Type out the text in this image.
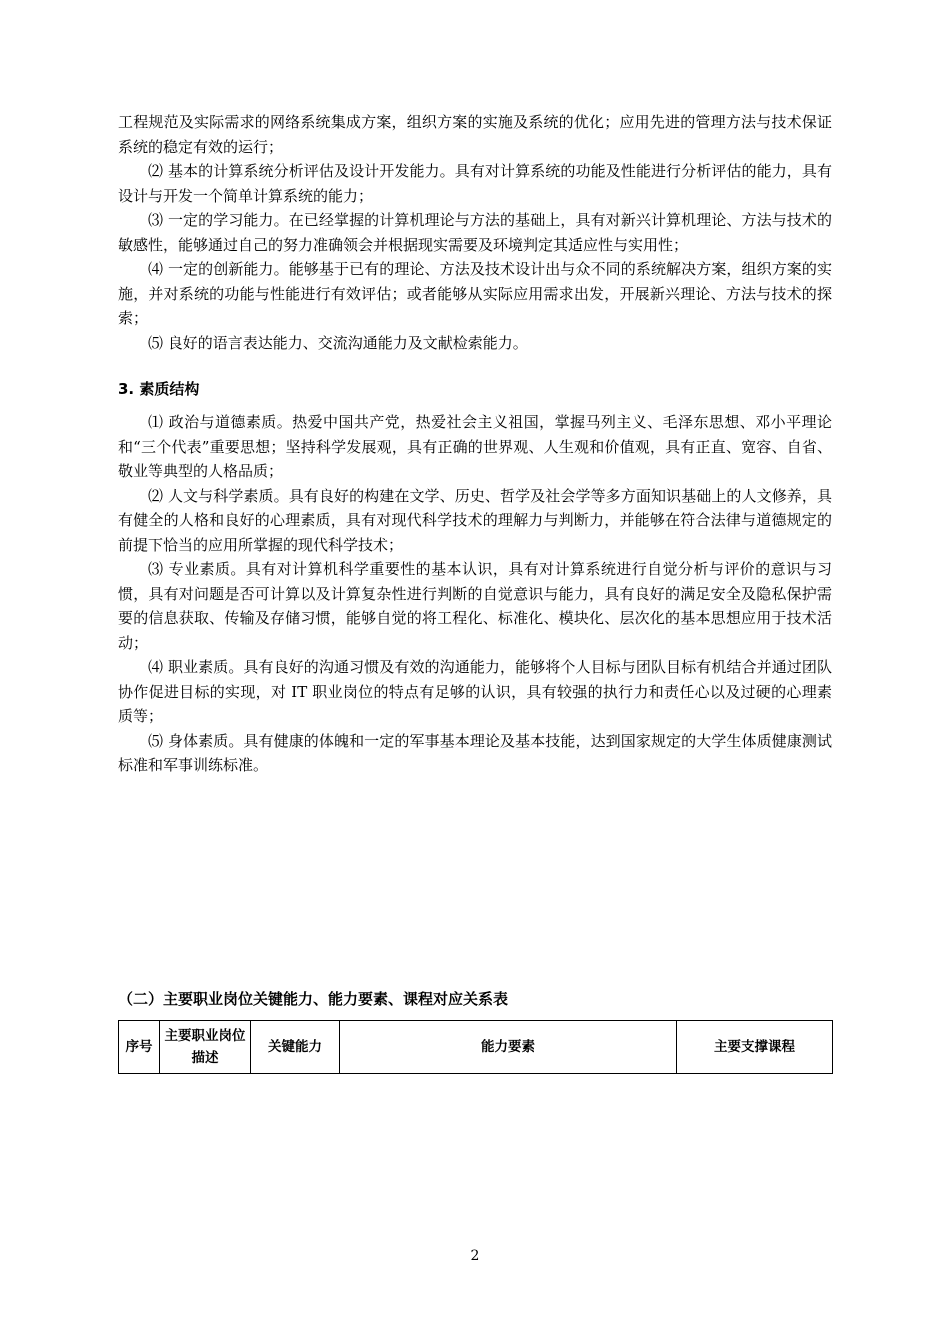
工程规范及实际需求的网络系统集成方案，组织方案的实施及系统的优化；应用先进的管理方法与技术保证系统的稳定有效的运行；

⑵ 基本的计算系统分析评估及设计开发能力。具有对计算系统的功能及性能进行分析评估的能力，具有设计与开发一个简单计算系统的能力；

⑶ 一定的学习能力。在已经掌握的计算机理论与方法的基础上，具有对新兴计算机理论、方法与技术的敏感性，能够通过自己的努力准确领会并根据现实需要及环境判定其适应性与实用性；

⑷ 一定的创新能力。能够基于已有的理论、方法及技术设计出与众不同的系统解决方案，组织方案的实施，并对系统的功能与性能进行有效评估；或者能够从实际应用需求出发，开展新兴理论、方法与技术的探索；

⑸ 良好的语言表达能力、交流沟通能力及文献检索能力。

3. 素质结构

⑴ 政治与道德素质。热爱中国共产党，热爱社会主义祖国，掌握马列主义、毛泽东思想、邓小平理论和“三个代表”重要思想；坚持科学发展观，具有正确的世界观、人生观和价值观，具有正直、宽容、自省、敬业等典型的人格品质；

⑵ 人文与科学素质。具有良好的构建在文学、历史、哲学及社会学等多方面知识基础上的人文修养，具有健全的人格和良好的心理素质，具有对现代科学技术的理解力与判断力，并能够在符合法律与道德规定的前提下恰当的应用所掌握的现代科学技术；

⑶ 专业素质。具有对计算机科学重要性的基本认识，具有对计算系统进行自觉分析与评价的意识与习惯，具有对问题是否可计算以及计算复杂性进行判断的自觉意识与能力，具有良好的满足安全及隐私保护需要的信息获取、传输及存储习惯，能够自觉的将工程化、标准化、模块化、层次化的基本思想应用于技术活动；

⑷ 职业素质。具有良好的沟通习惯及有效的沟通能力，能够将个人目标与团队目标有机结合并通过团队协作促进目标的实现，对 IT 职业岗位的特点有足够的认识，具有较强的执行力和责任心以及过硬的心理素质等；

⑸ 身体素质。具有健康的体魄和一定的军事基本理论及基本技能，达到国家规定的大学生体质健康测试标准和军事训练标准。

（二）主要职业岗位关键能力、能力要素、课程对应关系表
序号	主要职业岗位描述	关键能力	能力要素	主要支撑课程
2
